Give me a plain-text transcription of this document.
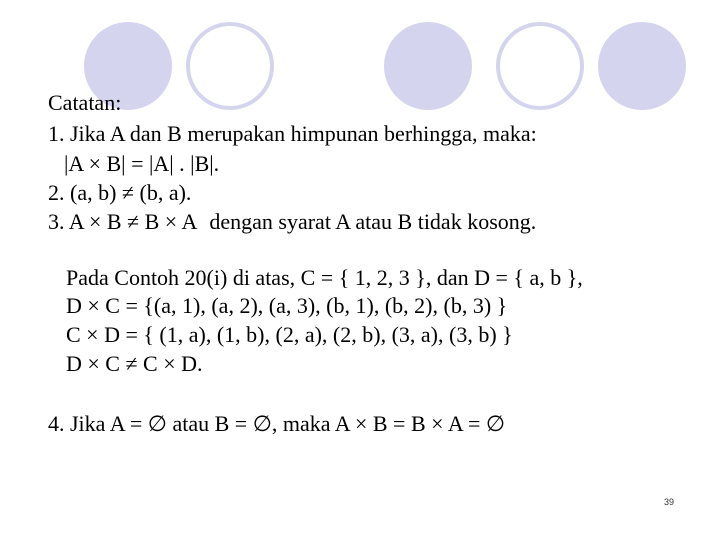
Catatan:
1. Jika A dan B merupakan himpunan berhingga, maka:
|A × B| = |A| . |B|.
2. (a, b) ≠ (b, a).
3. A × B ≠ B × A dengan syarat A atau B tidak kosong.
Pada Contoh 20(i) di atas, C = { 1, 2, 3 }, dan D = { a, b },
D × C = {(a, 1), (a, 2), (a, 3), (b, 1), (b, 2), (b, 3) }
C × D = { (1, a), (1, b), (2, a), (2, b), (3, a), (3, b) }
D × C ≠ C × D.
4. Jika A = ∅ atau B = ∅, maka A × B = B × A = ∅
39
